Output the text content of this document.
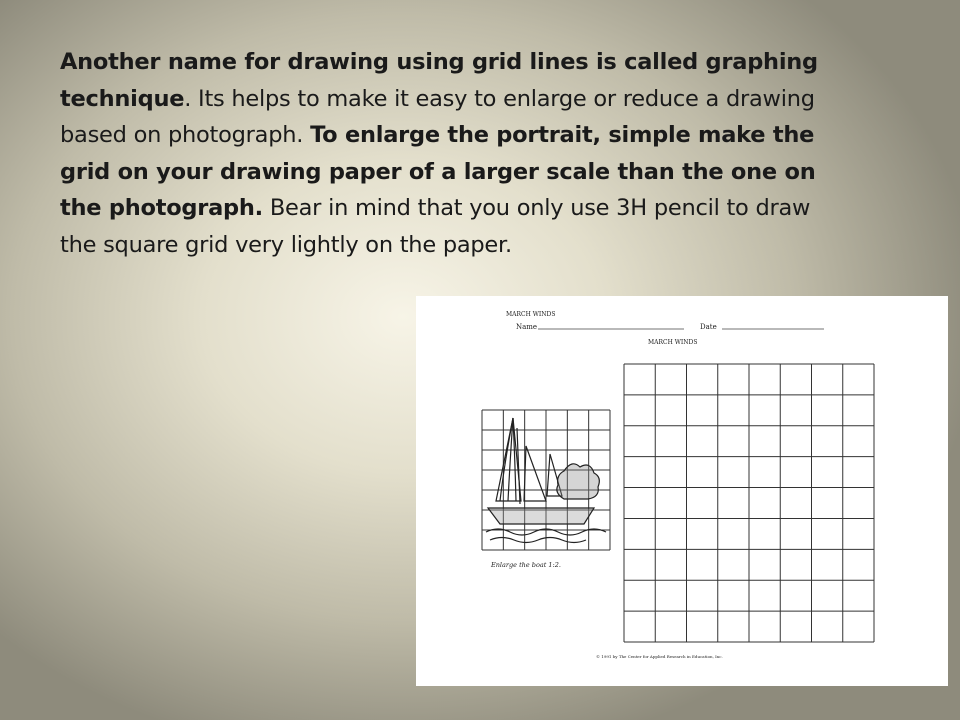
Another name for drawing using grid lines is called graphing technique. Its helps to make it easy to enlarge or reduce a drawing based on photograph. To enlarge the portrait, simple make the grid on your drawing paper of a larger scale than the one on the photograph. Bear in mind that you only use 3H pencil to draw the square grid very lightly on the paper.
MARCH WINDS
Name	Date
MARCH WINDS
Enlarge the boat 1:2.
© 1991 by The Center for Applied Research in Education, Inc.
